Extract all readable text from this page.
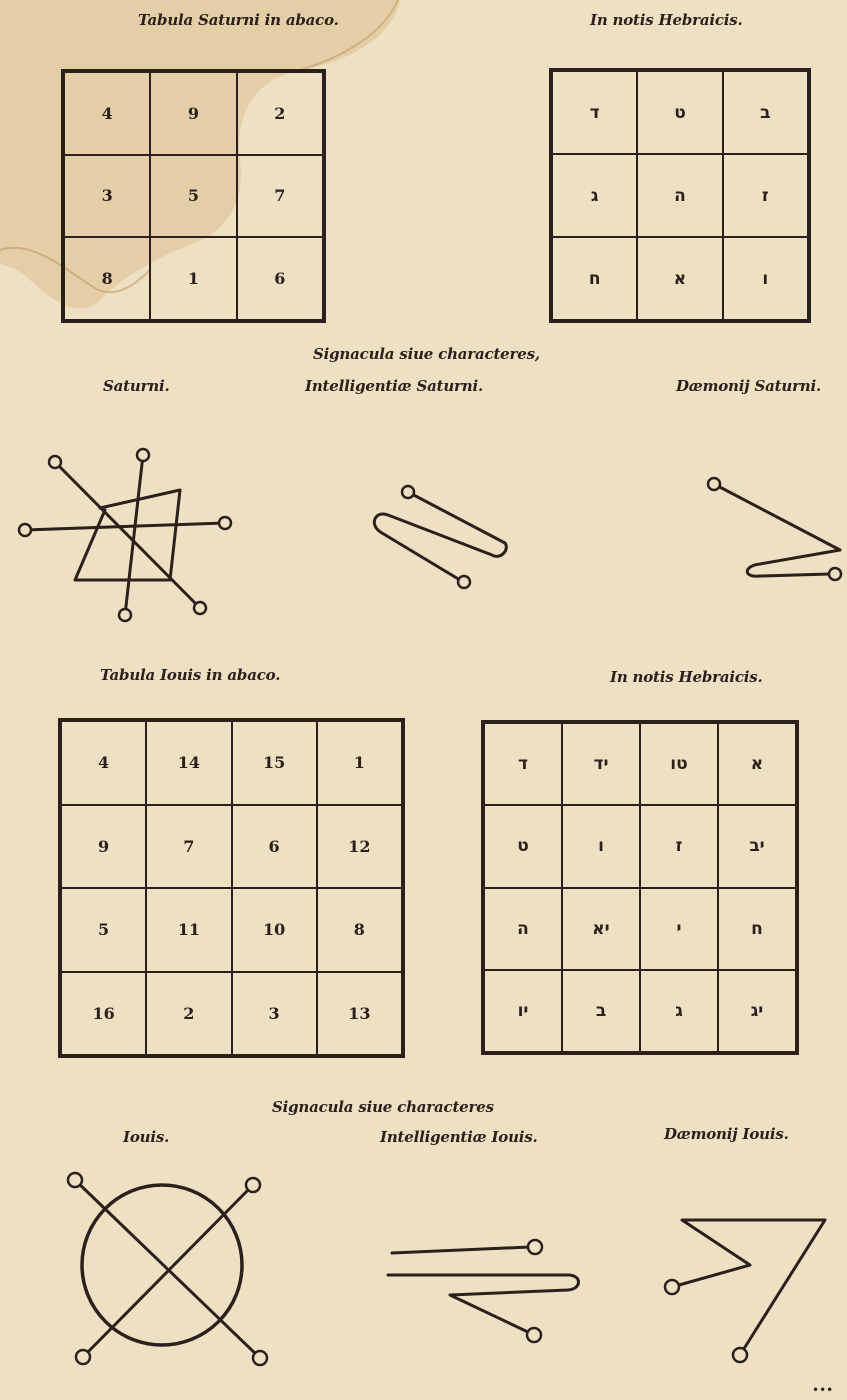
Tabula Saturni in abaco.	In notis Hebraicis.
4	9	2
3	5	7
8	1	6
ד	ט	ב
ג	ה	ז
ח	א	ו
Signacula siue characteres,
Saturni.	Intelligentiæ Saturni.	Dæmonij Saturni.
Tabula Iouis in abaco.	In notis Hebraicis.
4	14	15	1
9	7	6	12
5	11	10	8
16	2	3	13
ד	יד	טו	א
ט	ו	ז	יב
ה	יא	י	ח
יו	ב	ג	יג
Signacula siue characteres
Iouis.	Intelligentiæ Iouis.	Dæmonij Iouis.
•••
